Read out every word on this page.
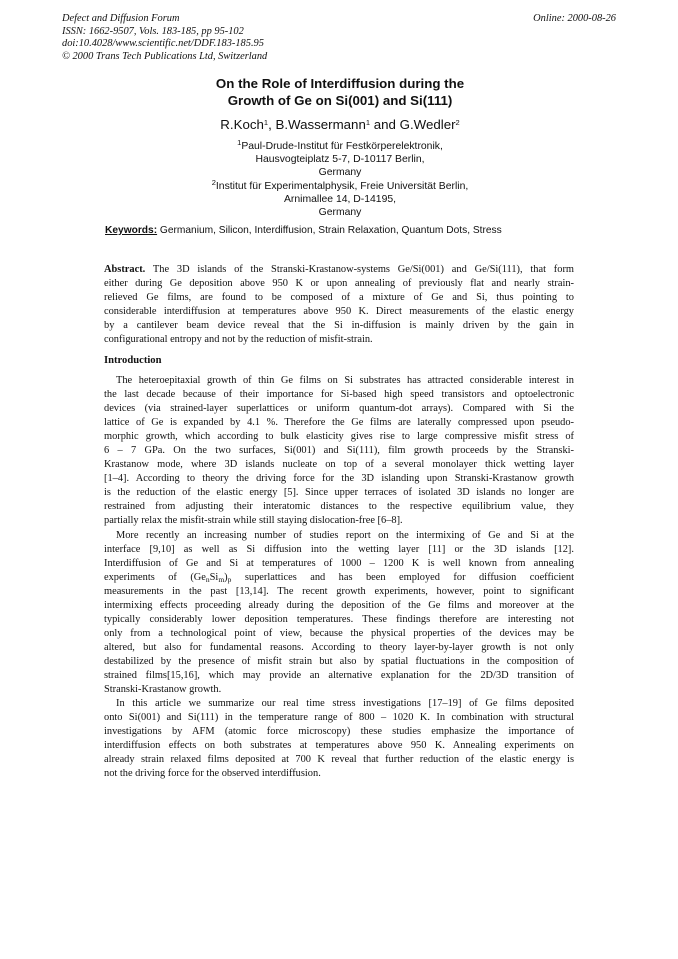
Defect and Diffusion Forum
ISSN: 1662-9507, Vols. 183-185, pp 95-102
doi:10.4028/www.scientific.net/DDF.183-185.95
© 2000 Trans Tech Publications Ltd, Switzerland
Online: 2000-08-26
On the Role of Interdiffusion during the
Growth of Ge on Si(001) and Si(111)
R.Koch$^1$, B.Wassermann$^1$ and G.Wedler$^2$
$^1$Paul-Drude-Institut für Festkörperelektronik,
Hausvogteiplatz 5-7, D-10117 Berlin,
Germany
$^2$Institut für Experimentalphysik, Freie Universität Berlin,
Arnimallee 14, D-14195,
Germany
Keywords: Germanium, Silicon, Interdiffusion, Strain Relaxation, Quantum Dots, Stress
Abstract. The 3D islands of the Stranski-Krastanow-systems Ge/Si(001) and Ge/Si(111), that form
either during Ge deposition above 950 K or upon annealing of previously flat and nearly strain-
relieved Ge films, are found to be composed of a mixture of Ge and Si, thus pointing to
considerable interdiffusion at temperatures above 950 K. Direct measurements of the elastic energy
by a cantilever beam device reveal that the Si in-diffusion is mainly driven by the gain in
configurational entropy and not by the reduction of misfit-strain.
Introduction
The heteroepitaxial growth of thin Ge films on Si substrates has attracted considerable interest in
the last decade because of their importance for Si-based high speed transistors and optoelectronic
devices (via strained-layer superlattices or uniform quantum-dot arrays). Compared with Si the
lattice of Ge is expanded by 4.1 %. Therefore the Ge films are laterally compressed upon pseudo-
morphic growth, which according to bulk elasticity gives rise to large compressive misfit stress of
6 – 7 GPa. On the two surfaces, Si(001) and Si(111), film growth proceeds by the Stranski-
Krastanow mode, where 3D islands nucleate on top of a several monolayer thick wetting layer
[1–4]. According to theory the driving force for the 3D islanding upon Stranski-Krastanow growth
is the reduction of the elastic energy [5]. Since upper terraces of isolated 3D islands no longer are
restrained from adjusting their interatomic distances to the respective equilibrium value, they
partially relax the misfit-strain while still staying dislocation-free [6–8].
More recently an increasing number of studies report on the intermixing of Ge and Si at the
interface [9,10] as well as Si diffusion into the wetting layer [11] or the 3D islands [12].
Interdiffusion of Ge and Si at temperatures of 1000 – 1200 K is well known from annealing
experiments of $(Ge_nSi_m)_p$ superlattices and has been employed for diffusion coefficient
measurements in the past [13,14]. The recent growth experiments, however, point to significant
intermixing effects proceeding already during the deposition of the Ge films and moreover at the
typically considerably lower deposition temperatures. These findings therefore are interesting not
only from a technological point of view, because the physical properties of the devices may be
altered, but also for fundamental reasons. According to theory layer-by-layer growth is not only
destabilized by the presence of misfit strain but also by spatial fluctuations in the composition of
strained films[15,16], which may provide an alternative explanation for the 2D/3D transition of
Stranski-Krastanow growth.
In this article we summarize our real time stress investigations [17–19] of Ge films deposited
onto Si(001) and Si(111) in the temperature range of 800 – 1020 K. In combination with structural
investigations by AFM (atomic force microscopy) these studies emphasize the importance of
interdiffusion effects on both substrates at temperatures above 950 K. Annealing experiments on
already strain relaxed films deposited at 700 K reveal that further reduction of the elastic energy is
not the driving force for the observed interdiffusion.
